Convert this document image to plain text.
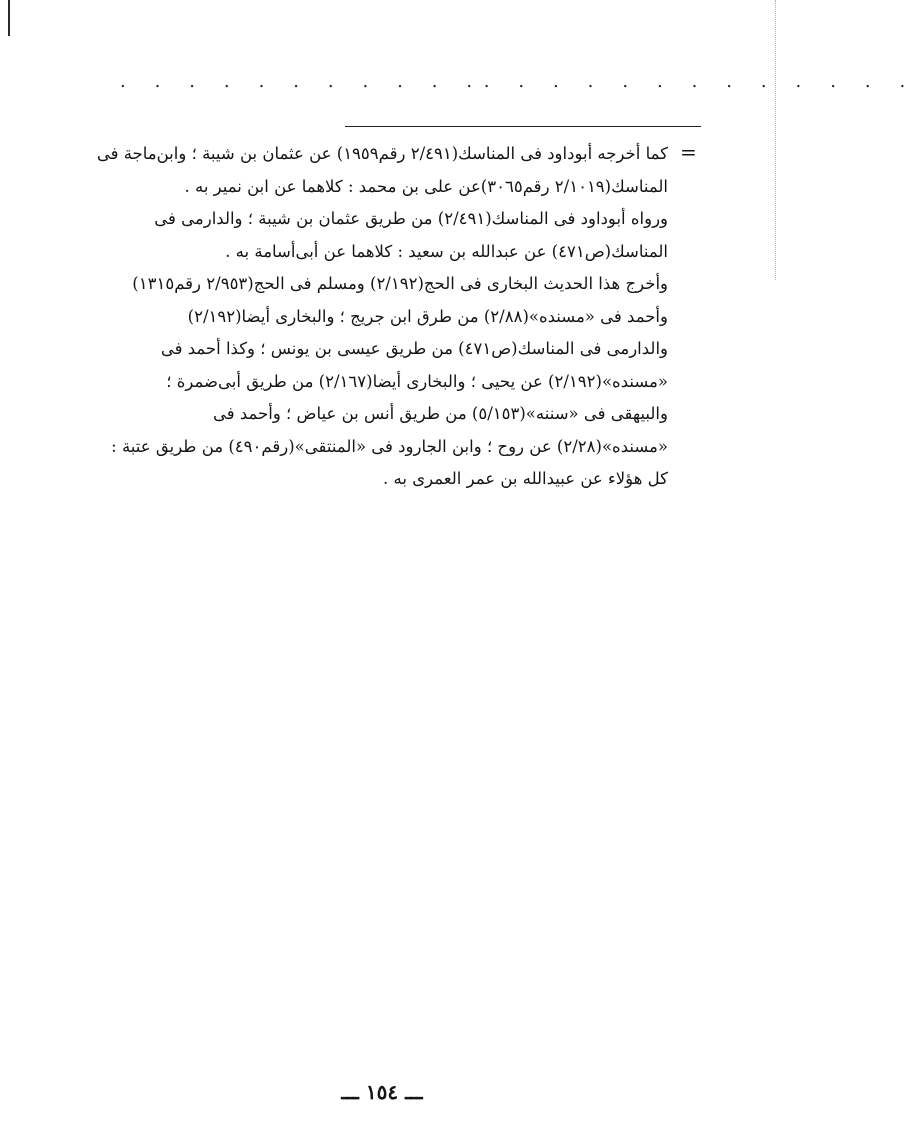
. . . . . . . . . . .. . . . . . . . . . . . .
=
كما أخرجه أبوداود فى المناسك(٢/٤٩١ رقم١٩٥٩) عن عثمان بن شيبة ؛ وابن‌ماجة فى
المناسك(٢/١٠١٩ رقم٣٠٦٥)عن على بن محمد : كلاهما عن ابن نمير به .
ورواه أبوداود فى المناسك(٢/٤٩١) من طريق عثمان بن شيبة ؛ والدارمى فى
المناسك(ص٤٧١) عن عبدالله بن سعيد : كلاهما عن أبى‌أسامة به .
وأخرج هذا الحديث البخارى فى الحج(٢/١٩٢) ومسلم فى الحج(٢/٩٥٣ رقم١٣١٥)
وأحمد فى «مسنده»(٢/٨٨) من طرق ابن جريج ؛ والبخارى أيضا(٢/١٩٢)
والدارمى فى المناسك(ص٤٧١) من طريق عيسى بن يونس ؛ وكذا أحمد فى
«مسنده»(٢/١٩٢) عن يحيى ؛ والبخارى أيضا(٢/١٦٧) من طريق أبى‌ضمرة ؛
والبيهقى فى «سننه»(٥/١٥٣) من طريق أنس بن عياض ؛ وأحمد فى
«مسنده»(٢/٢٨) عن روح ؛ وابن الجارود فى «المنتقى»(رقم٤٩٠) من طريق عتبة :
كل هؤلاء عن عبيدالله بن عمر العمرى به .
ـــ ١٥٤ ـــ
